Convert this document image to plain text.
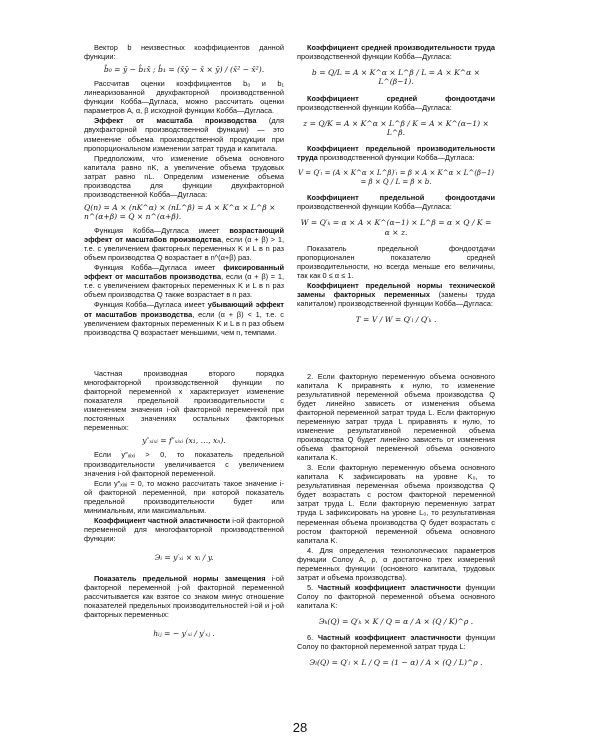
Вектор b неизвестных коэффициентов данной функции:

b̂₀ = ȳ − b̂₁x̄ ; b̂₁ = (x̄ȳ − x̄ × ȳ) / (x̄² − x̄²).

Рассчитав оценки коэффициентов b₀ и b₁ линеаризованной двухфакторной производственной функции Кобба—Дугласа, можно рассчитать оценки параметров A, α, β исходной функции Кобба—Дугласа.

Эффект от масштаба производства (для двухфакторной производственной функции) — это изменение объема производственной продукции при пропорциональном изменении затрат труда и капитала.

Предположим, что изменение объема основного капитала равно nK, а увеличение объема трудовых затрат равно nL. Определим изменение объема производства для функции двухфакторной производственной Кобба—Дугласа:

Q(n) = A × (nK^α) × (nL^β) = A × K^α × L^β × n^(α+β) = Q × n^(α+β).

Функция Кобба—Дугласа имеет возрастающий эффект от масштабов производства, если (α + β) > 1, т.е. с увеличением факторных переменных K и L в n раз объем производства Q возрастает в n^(α+β) раз.

Функция Кобба—Дугласа имеет фиксированный эффект от масштабов производства, если (α + β) = 1, т.е. с увеличением факторных переменных K и L в n раз объем производства Q также возрастает в n раз.

Функция Кобба—Дугласа имеет убывающий эффект от масштабов производства, если (α + β) < 1, т.е. с увеличением факторных переменных K и L в n раз объем производства Q возрастает меньшими, чем n, темпами.

Частная производная второго порядка многофакторной производственной функции по факторной переменной x характеризует изменение показателя предельной производительности с изменением значения i-ой факторной переменной при постоянных значениях остальных факторных переменных:

y″ₓᵢₓᵢ = f″ₓᵢₓᵢ (x₁, …, xₙ).

Если y″ₓᵢₓᵢ > 0, то показатель предельной производительности увеличивается с увеличением значения i-ой факторной переменной.

Если y″ₓᵢₓᵢ = 0, то можно рассчитать такое значение i-ой факторной переменной, при которой показатель предельной производительности будет или минимальным, или максимальным.

Коэффициент частной эластичности i-ой факторной переменной для многофакторной производственной функции:

Эᵢ = y′ₓᵢ × xᵢ / y.

Показатель предельной нормы замещения i-ой факторной переменной j-ой факторной переменной рассчитывается как взятое со знаком минус отношение показателей предельных производительностей i-ой и j-ой факторных переменных:

hᵢⱼ = − y′ₓᵢ / y′ₓⱼ .

Коэффициент средней производительности труда производственной функции Кобба—Дугласа:

b = Q/L = A × K^α × L^β / L = A × K^α × L^(β−1).

Коэффициент средней фондоотдачи производственной функции Кобба—Дугласа:

z = Q/K = A × K^α × L^β / K = A × K^(α−1) × L^β.

Коэффициент предельной производительности труда производственной функции Кобба—Дугласа:

V = Q′ₗ = (A × K^α × L^β)′ₗ = β × A × K^α × L^(β−1) = β × Q / L = β × b.

Коэффициент предельной фондоотдачи производственной функции Кобба—Дугласа:

W = Q′ₖ = α × A × K^(α−1) × L^β = α × Q / K = α × z.

Показатель предельной фондоотдачи пропорционален показателю средней производительности, но всегда меньше его величины, так как 0 ≤ α ≤ 1.

Коэффициент предельной нормы технической замены факторных переменных (замены труда капиталом) производственной функции Кобба—Дугласа:

T = V / W = Q′ₗ / Q′ₖ .

2. Если факторную переменную объема основного капитала K приравнять к нулю, то изменение результативной переменной объема производства Q будет линейно зависеть от изменения объема факторной переменной затрат труда L. Если факторную переменную затрат труда L приравнять к нулю, то изменение результативной переменной объема производства Q будет линейно зависеть от изменения объема факторной переменной объема основного капитала K.

3. Если факторную переменную объема основного капитала K зафиксировать на уровне K₀, то результативная переменная объема производства Q будет возрастать с ростом факторной переменной затрат труда L. Если факторную переменную затрат труда L зафиксировать на уровне L₀, то результативная переменная объема производства Q будет возрастать с ростом факторной переменной объема основного капитала K.

4. Для определения технологических параметров функции Солоу A, ρ, α достаточно трех измерений переменных функции (основного капитала, трудовых затрат и объема производства).

5. Частный коэффициент эластичности функции Солоу по факторной переменной объема основного капитала K:

Эₖ(Q) = Q′ₖ × K / Q = α / A × (Q / K)^ρ .

6. Частный коэффициент эластичности функции Солоу по факторной переменной затрат труда L:

Эₗ(Q) = Q′ₗ × L / Q = (1 − α) / A × (Q / L)^ρ .
28
